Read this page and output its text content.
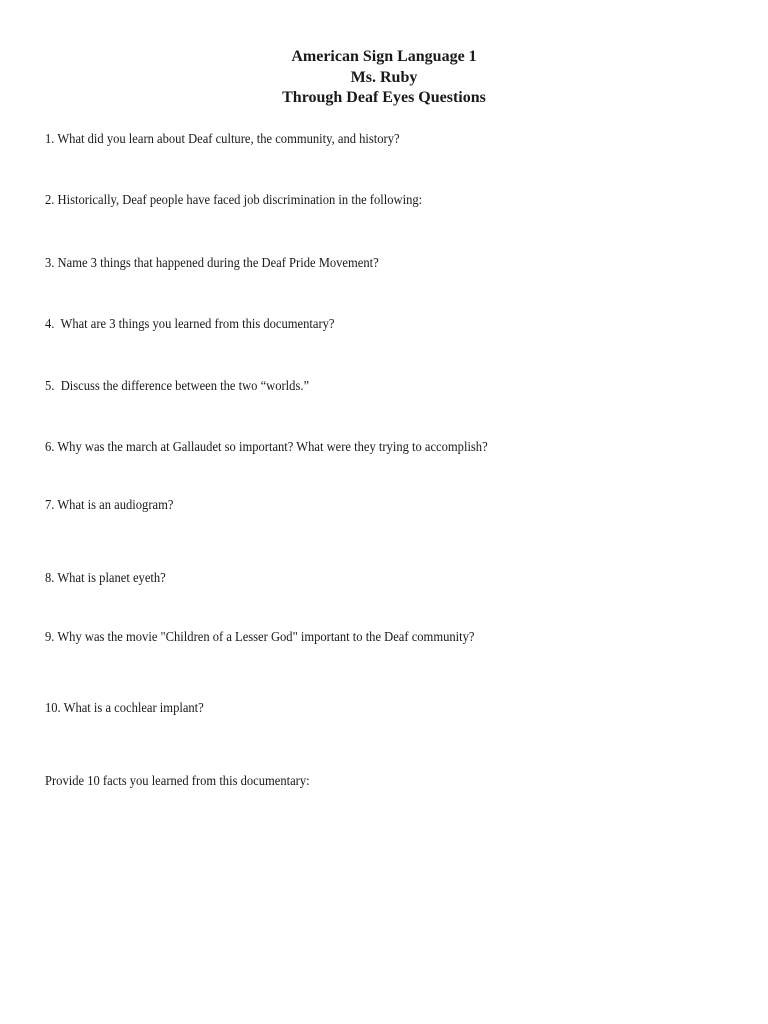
American Sign Language 1
Ms. Ruby
Through Deaf Eyes Questions
1. What did you learn about Deaf culture, the community, and history?
2. Historically, Deaf people have faced job discrimination in the following:
3. Name 3 things that happened during the Deaf Pride Movement?
4.  What are 3 things you learned from this documentary?
5.  Discuss the difference between the two “worlds.”
6. Why was the march at Gallaudet so important? What were they trying to accomplish?
7. What is an audiogram?
8. What is planet eyeth?
9. Why was the movie "Children of a Lesser God" important to the Deaf community?
10. What is a cochlear implant?
Provide 10 facts you learned from this documentary:
